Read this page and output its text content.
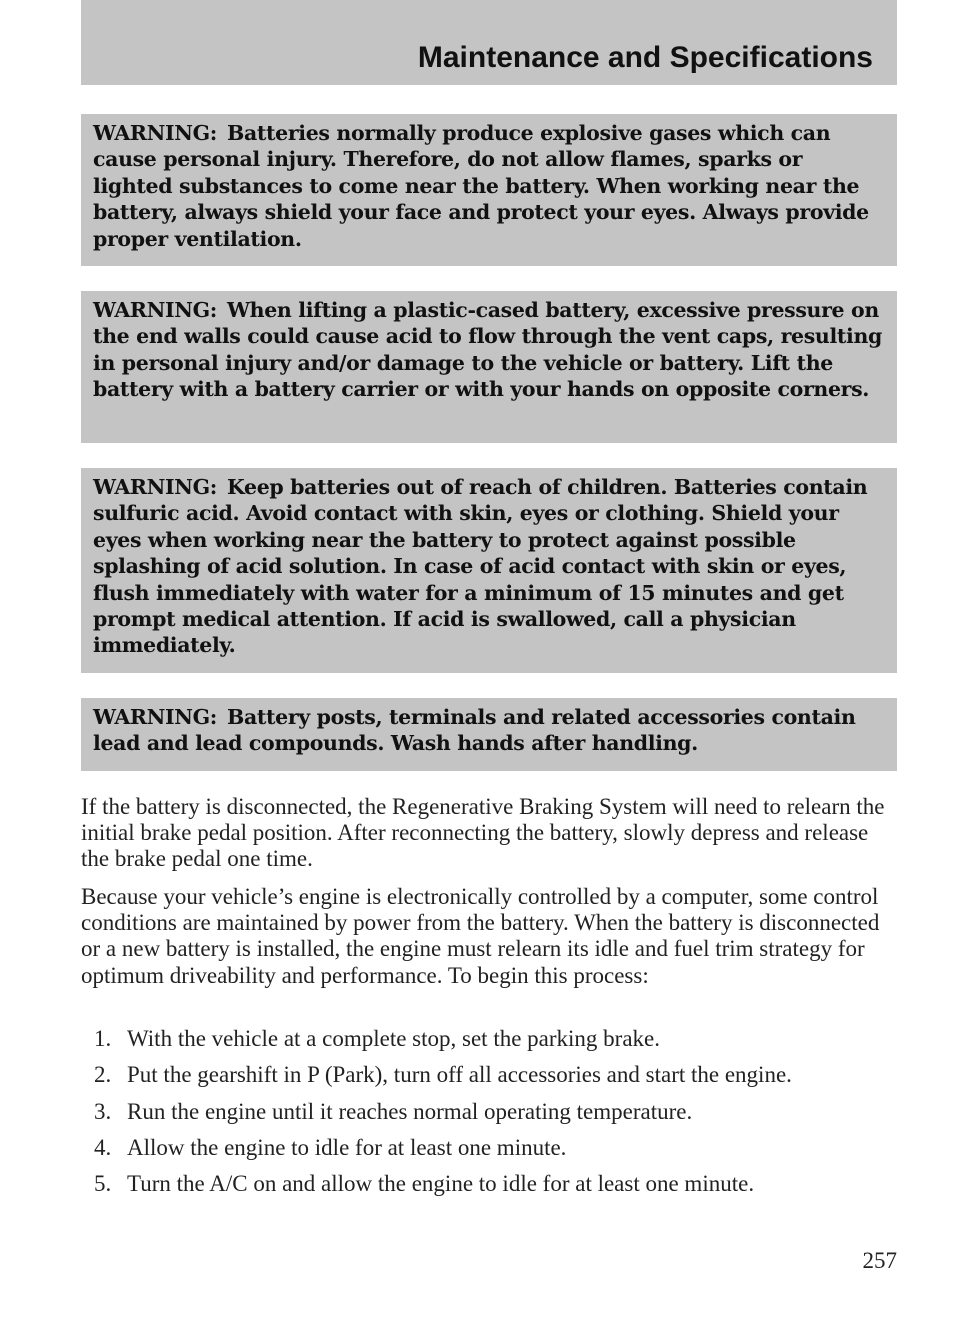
Maintenance and Specifications
WARNING: Batteries normally produce explosive gases which can cause personal injury. Therefore, do not allow flames, sparks or lighted substances to come near the battery. When working near the battery, always shield your face and protect your eyes. Always provide proper ventilation.
WARNING: When lifting a plastic-cased battery, excessive pressure on the end walls could cause acid to flow through the vent caps, resulting in personal injury and/or damage to the vehicle or battery. Lift the battery with a battery carrier or with your hands on opposite corners.
WARNING: Keep batteries out of reach of children. Batteries contain sulfuric acid. Avoid contact with skin, eyes or clothing. Shield your eyes when working near the battery to protect against possible splashing of acid solution. In case of acid contact with skin or eyes, flush immediately with water for a minimum of 15 minutes and get prompt medical attention. If acid is swallowed, call a physician immediately.
WARNING: Battery posts, terminals and related accessories contain lead and lead compounds. Wash hands after handling.

If the battery is disconnected, the Regenerative Braking System will need to relearn the initial brake pedal position. After reconnecting the battery, slowly depress and release the brake pedal one time.

Because your vehicle’s engine is electronically controlled by a computer, some control conditions are maintained by power from the battery. When the battery is disconnected or a new battery is installed, the engine must relearn its idle and fuel trim strategy for optimum driveability and performance. To begin this process:

1. With the vehicle at a complete stop, set the parking brake.
2. Put the gearshift in P (Park), turn off all accessories and start the engine.
3. Run the engine until it reaches normal operating temperature.
4. Allow the engine to idle for at least one minute.
5. Turn the A/C on and allow the engine to idle for at least one minute.
257
